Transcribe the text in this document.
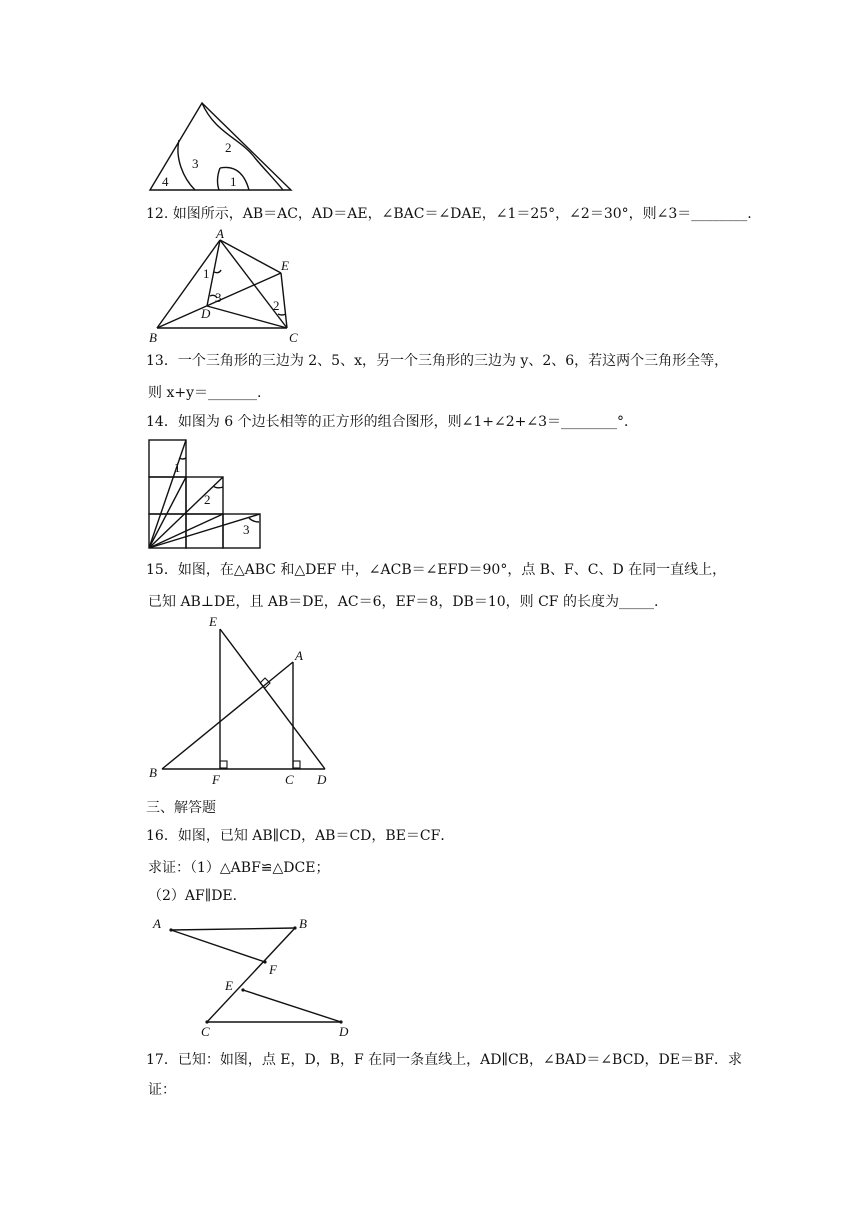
4
3
2
1
12. 如图所示，AB＝AC，AD＝AE，∠BAC＝∠DAE，∠1＝25°，∠2＝30°，则∠3＝________.
A
E
1
3
D
2
B	C
13．一个三角形的三边为 2、5、x，另一个三角形的三边为 y、2、6，若这两个三角形全等，
则 x+y＝_______.
14．如图为 6 个边长相等的正方形的组合图形，则∠1+∠2+∠3＝________°．
1
2
3
15．如图，在△ABC 和△DEF 中，∠ACB＝∠EFD＝90°，点 B、F、C、D 在同一直线上，
已知 AB⊥DE，且 AB＝DE，AC＝6，EF＝8，DB＝10，则 CF 的长度为_____.
E
A
B	F	C D
三、解答题
16．如图，已知 AB∥CD，AB＝CD，BE＝CF．
求证：（1）△ABF≌△DCE；
（2）AF∥DE．
A	B
F
E
C	D
17．已知：如图，点 E，D，B，F 在同一条直线上，AD∥CB，∠BAD＝∠BCD，DE＝BF．求
证：
